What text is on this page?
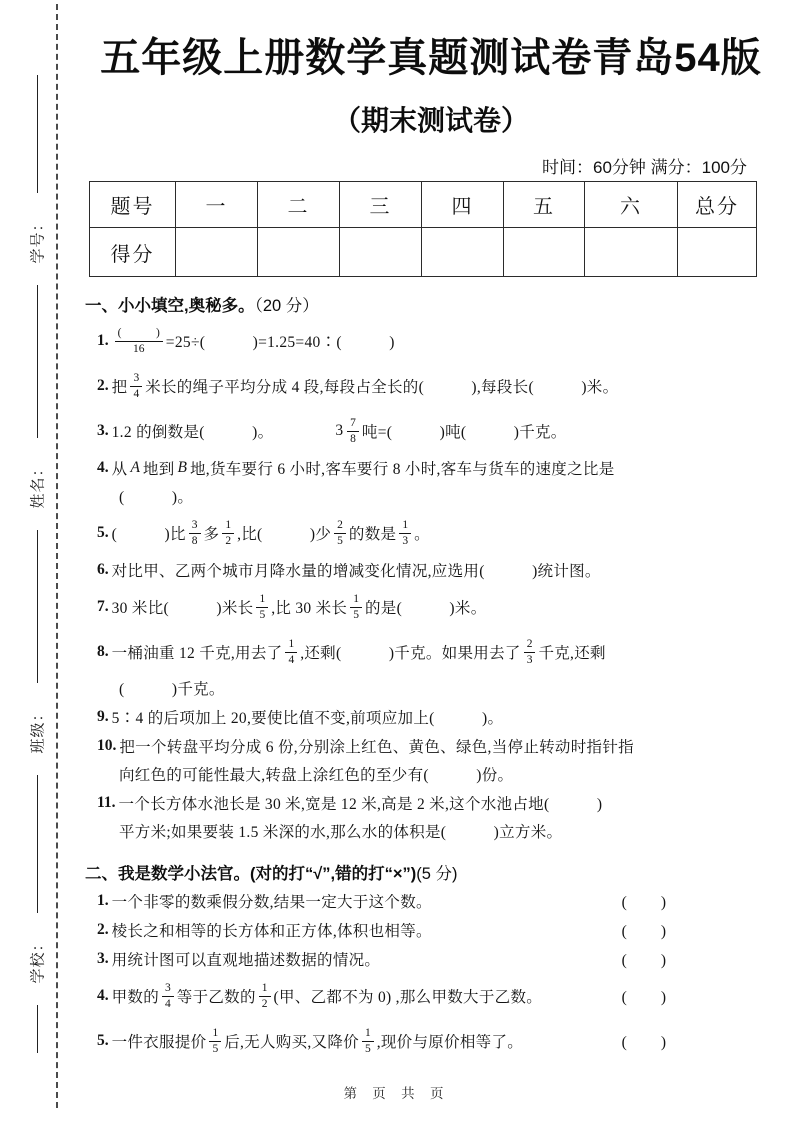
学号：
姓名：
班级：
学校：
五年级上册数学真题测试卷青岛54版
（期末测试卷）
时间：60分钟 满分：100分
题号	一	二	三	四	五	六	总分
得分
一、小小填空,奥秘多。（20 分）
1. $\frac{( )}{16} =25\div$(　　　)=1.25=40∶(　　　)
2. 把 $\frac{3}{4}$ 米长的绳子平均分成 4 段,每段占全长的(　　　),每段长(　　　)米。
3. 1.2 的倒数是(　　　)。	$3 \frac{7}{8}$ 吨=(　　　)吨(　　　)千克。
4. 从 A 地到 B 地,货车要行 6 小时,客车要行 8 小时,客车与货车的速度之比是
(　　　)。
5. (　　　)比 $\frac{3}{8}$ 多 $\frac{1}{2}$ ,比(　　　)少 $\frac{2}{5}$ 的数是 $\frac{1}{3}$ 。
6. 对比甲、乙两个城市月降水量的增减变化情况,应选用(　　　)统计图。
7. 30 米比(　　　)米长 $\frac{1}{5}$ ,比 30 米长 $\frac{1}{5}$ 的是(　　　)米。
8. 一桶油重 12 千克,用去了 $\frac{1}{4}$ ,还剩(　　　)千克。如果用去了 $\frac{2}{3}$ 千克,还剩
(　　　)千克。
9. 5∶4 的后项加上 20,要使比值不变,前项应加上(　　　)。
10. 把一个转盘平均分成 6 份,分别涂上红色、黄色、绿色,当停止转动时指针指
向红色的可能性最大,转盘上涂红色的至少有(　　　)份。
11. 一个长方体水池长是 30 米,宽是 12 米,高是 2 米,这个水池占地(　　　)
平方米;如果要装 1.5 米深的水,那么水的体积是(　　　)立方米。
二、我是数学小法官。(对的打“√”,错的打“×”)(5 分)
1. 一个非零的数乘假分数,结果一定大于这个数。	(　　)
2. 棱长之和相等的长方体和正方体,体积也相等。	(　　)
3. 用统计图可以直观地描述数据的情况。	(　　)
4. 甲数的 $\frac{3}{4}$ 等于乙数的 $\frac{1}{2}$ (甲、乙都不为 0) ,那么甲数大于乙数。	(　　)
5. 一件衣服提价 $\frac{1}{5}$ 后,无人购买,又降价 $\frac{1}{5}$ ,现价与原价相等了。	(　　)
第 页 共 页
